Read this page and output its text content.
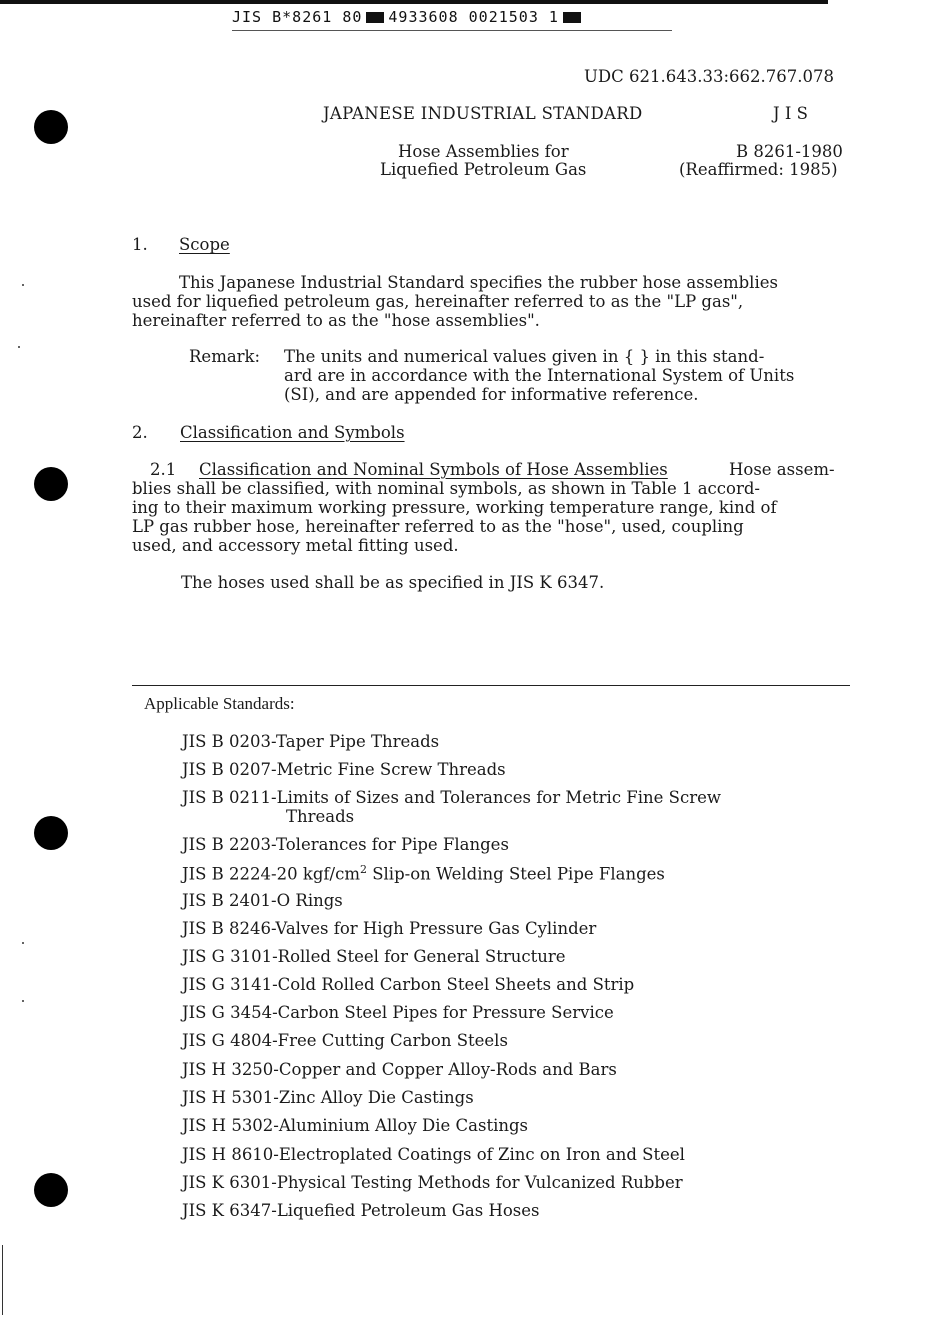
JIS B*8261 80 4933608 0021503 1
UDC 621.643.33:662.767.078
JAPANESE INDUSTRIAL STANDARD	J I S
Hose Assemblies for
Liquefied Petroleum Gas
B 8261-1980
(Reaffirmed: 1985)
1. Scope
This Japanese Industrial Standard specifies the rubber hose assemblies
used for liquefied petroleum gas, hereinafter referred to as the "LP gas",
hereinafter referred to as the "hose assemblies".
Remark: The units and numerical values given in { } in this stand-
ard are in accordance with the International System of Units
(SI), and are appended for informative reference.
2. Classification and Symbols
2.1 Classification and Nominal Symbols of Hose Assemblies	Hose assem-
blies shall be classified, with nominal symbols, as shown in Table 1 accord-
ing to their maximum working pressure, working temperature range, kind of
LP gas rubber hose, hereinafter referred to as the "hose", used, coupling
used, and accessory metal fitting used.
The hoses used shall be as specified in JIS K 6347.
Applicable Standards:
JIS B 0203-Taper Pipe Threads
JIS B 0207-Metric Fine Screw Threads
JIS B 0211-Limits of Sizes and Tolerances for Metric Fine Screw
Threads
JIS B 2203-Tolerances for Pipe Flanges
JIS B 2224-20 kgf/$cm^2$ Slip-on Welding Steel Pipe Flanges
JIS B 2401-O Rings
JIS B 8246-Valves for High Pressure Gas Cylinder
JIS G 3101-Rolled Steel for General Structure
JIS G 3141-Cold Rolled Carbon Steel Sheets and Strip
JIS G 3454-Carbon Steel Pipes for Pressure Service
JIS G 4804-Free Cutting Carbon Steels
JIS H 3250-Copper and Copper Alloy-Rods and Bars
JIS H 5301-Zinc Alloy Die Castings
JIS H 5302-Aluminium Alloy Die Castings
JIS H 8610-Electroplated Coatings of Zinc on Iron and Steel
JIS K 6301-Physical Testing Methods for Vulcanized Rubber
JIS K 6347-Liquefied Petroleum Gas Hoses
